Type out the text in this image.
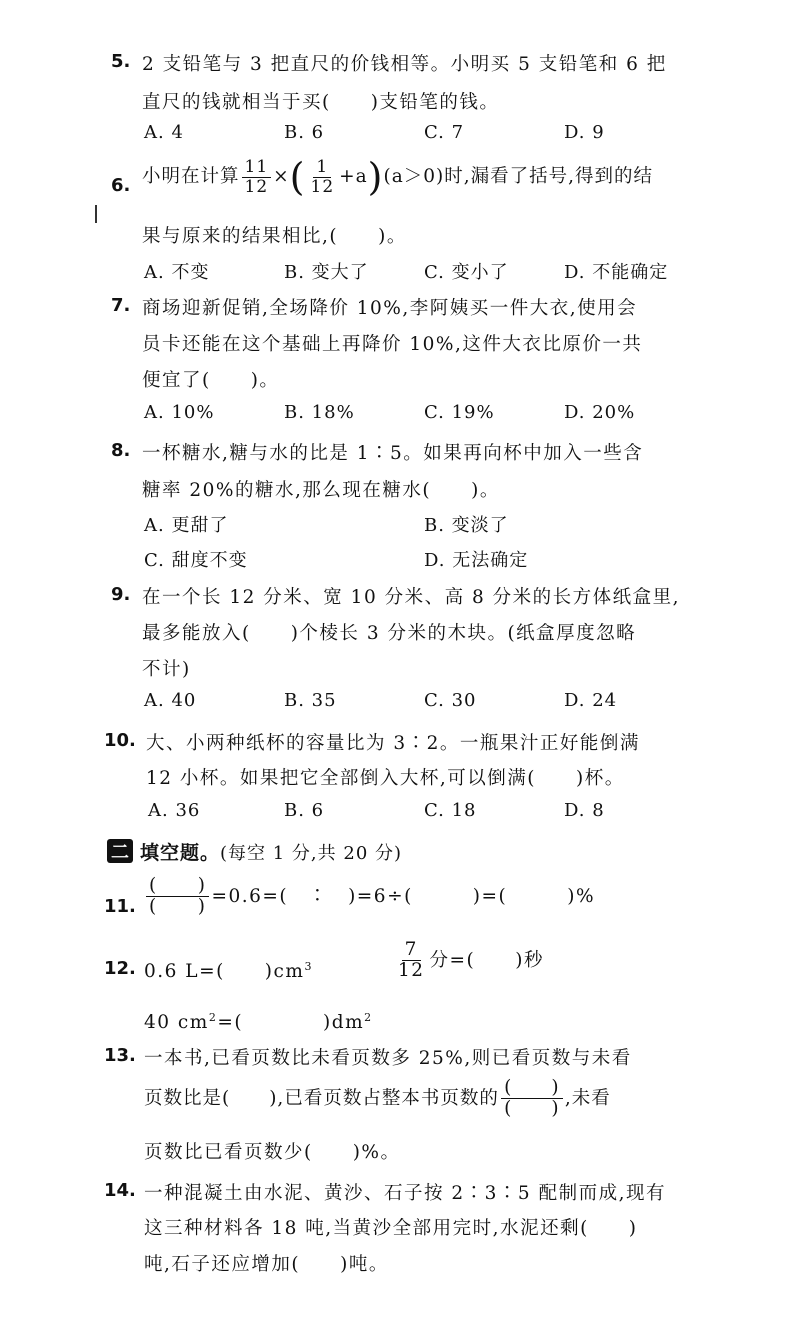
5. 2 支铅笔与 3 把直尺的价钱相等。小明买 5 支铅笔和 6 把
直尺的钱就相当于买(　　)支铅笔的钱。
A. 4	B. 6	C. 7	D. 9
6. 小明在计算 $\frac{11}{12}$ ×( $\frac{1}{12} +a)(a>0)$时,漏看了括号,得到的结
果与原来的结果相比,(　　)。
A. 不变	B. 变大了	C. 变小了	D. 不能确定
7. 商场迎新促销,全场降价 10%,李阿姨买一件大衣,使用会
员卡还能在这个基础上再降价 10%,这件大衣比原价一共
便宜了(　　)。
A. 10%	B. 18%	C. 19%	D. 20%
8. 一杯糖水,糖与水的比是 1∶5。如果再向杯中加入一些含
糖率 20%的糖水,那么现在糖水(　　)。
A. 更甜了	B. 变淡了
C. 甜度不变	D. 无法确定
9. 在一个长 12 分米、宽 10 分米、高 8 分米的长方体纸盒里,
最多能放入(　　)个棱长 3 分米的木块。(纸盒厚度忽略
不计)
A. 40	B. 35	C. 30	D. 24
10. 大、小两种纸杯的容量比为 3∶2。一瓶果汁正好能倒满
12 小杯。如果把它全部倒入大杯,可以倒满(　　)杯。
A. 36	B. 6	C. 18	D. 8
二 填空题。(每空 1 分,共 20 分)
11. $\frac{( )}{( )} =0.6=$(　∶　)=6÷(　　　)=(　　　)%
12. 0.6 L=(　　)$cm^3$	$\frac{7}{12}$ 分=(　　)秒
40 $cm^2=$(　　　　)$dm^2$
13. 一本书,已看页数比未看页数多 25%,则已看页数与未看
页数比是(　　),已看页数占整本书页数的 $\frac{( )}{( )}$ ,未看
页数比已看页数少(　　)%。
14. 一种混凝土由水泥、黄沙、石子按 2∶3∶5 配制而成,现有
这三种材料各 18 吨,当黄沙全部用完时,水泥还剩(　　)
吨,石子还应增加(　　)吨。
